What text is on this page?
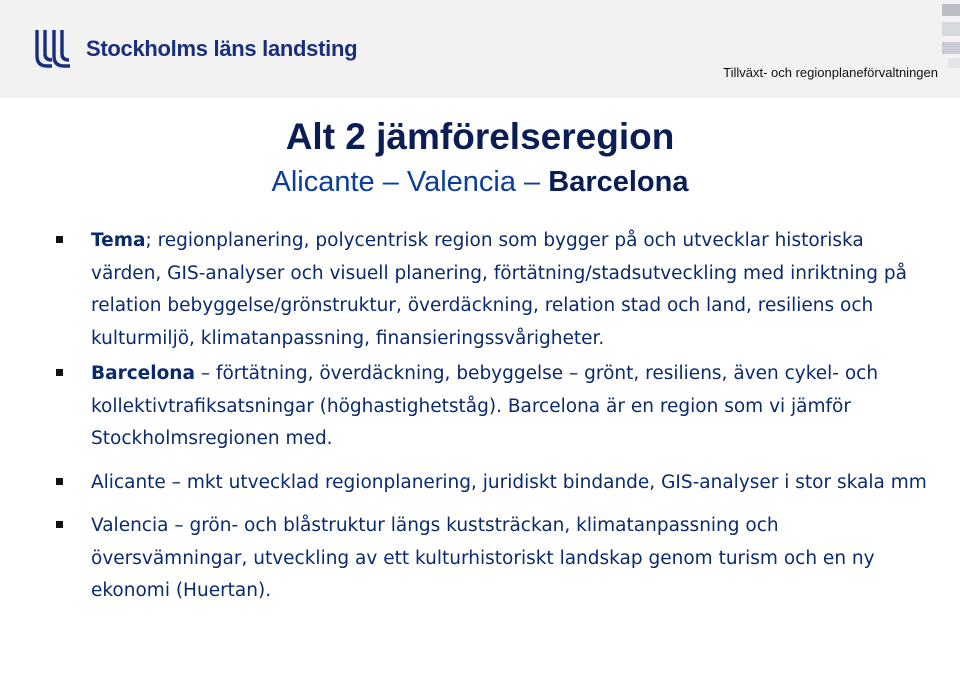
Stockholms läns landsting
Tillväxt- och regionplaneförvaltningen
Alt 2 jämförelseregion
Alicante – Valencia – Barcelona
Tema; regionplanering, polycentrisk region som bygger på och utvecklar historiska värden, GIS-analyser och visuell planering, förtätning/stadsutveckling med inriktning på relation bebyggelse/grönstruktur, överdäckning, relation stad och land, resiliens och kulturmiljö, klimatanpassning, finansieringssvårigheter.
Barcelona – förtätning, överdäckning, bebyggelse – grönt, resiliens, även cykel- och kollektivtrafiksatsningar (höghastighetståg). Barcelona är en region som vi jämför Stockholmsregionen med.
Alicante – mkt utvecklad regionplanering, juridiskt bindande, GIS-analyser i stor skala mm
Valencia – grön- och blåstruktur längs kuststräckan, klimatanpassning och översvämningar, utveckling av ett kulturhistoriskt landskap genom turism och en ny ekonomi (Huertan).
